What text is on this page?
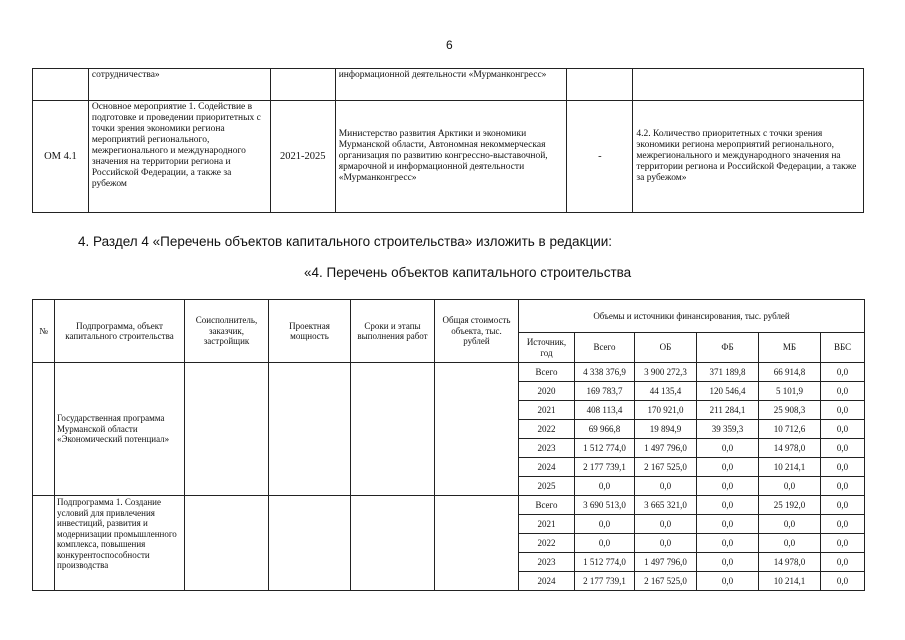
6
	сотрудничества»		информационной деятельности «Мурманконгресс»		
ОМ 4.1	Основное мероприятие 1. Содействие в подготовке и проведении приоритетных с точки зрения экономики региона мероприятий регионального, межрегионального и международного значения на территории региона и Российской Федерации, а также за рубежом	2021-2025	Министерство развития Арктики и экономики Мурманской области, Автономная некоммерческая организация по развитию конгрессно-выставочной, ярмарочной и информационной деятельности «Мурманконгресс»	-	4.2. Количество приоритетных с точки зрения экономики региона мероприятий регионального, межрегионального и международного значения на территории региона и Российской Федерации, а также за рубежом»
4. Раздел 4 «Перечень объектов капитального строительства» изложить в редакции:
«4. Перечень объектов капитального строительства
№	Подпрограмма, объект капитального строительства	Соисполнитель, заказчик, застройщик	Проектная мощность	Сроки и этапы выполнения работ	Общая стоимость объекта, тыс. рублей	Объемы и источники финансирования, тыс. рублей					
						Источник, год	Всего	ОБ	ФБ	МБ	ВБС
	Государственная программа Мурманской области «Экономический потенциал»					Всего	4 338 376,9	3 900 272,3	371 189,8	66 914,8	0,0
						2020	169 783,7	44 135,4	120 546,4	5 101,9	0,0
						2021	408 113,4	170 921,0	211 284,1	25 908,3	0,0
						2022	69 966,8	19 894,9	39 359,3	10 712,6	0,0
						2023	1 512 774,0	1 497 796,0	0,0	14 978,0	0,0
						2024	2 177 739,1	2 167 525,0	0,0	10 214,1	0,0
						2025	0,0	0,0	0,0	0,0	0,0
	Подпрограмма 1. Создание условий для привлечения инвестиций, развития и модернизации промышленного комплекса, повышения конкурентоспособности производства					Всего	3 690 513,0	3 665 321,0	0,0	25 192,0	0,0
						2021	0,0	0,0	0,0	0,0	0,0
						2022	0,0	0,0	0,0	0,0	0,0
						2023	1 512 774,0	1 497 796,0	0,0	14 978,0	0,0
						2024	2 177 739,1	2 167 525,0	0,0	10 214,1	0,0
